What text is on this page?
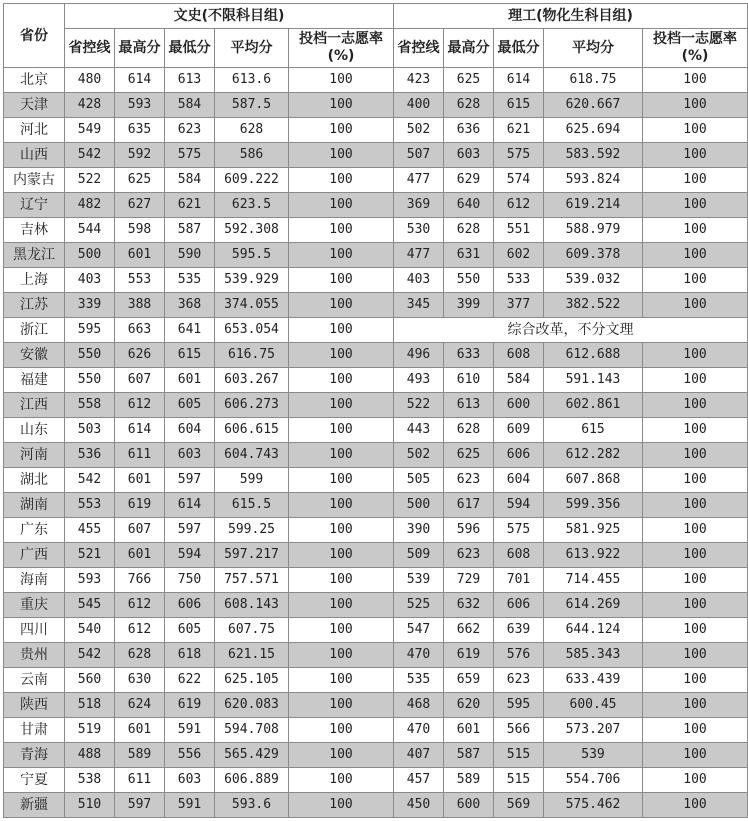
省份	文史(不限科目组)					理工(物化生科目组)				
	省控线	最高分	最低分	平均分	投档一志愿率(%)	省控线	最高分	最低分	平均分	投档一志愿率(%)
北京	480	614	613	613.6	100	423	625	614	618.75	100
天津	428	593	584	587.5	100	400	628	615	620.667	100
河北	549	635	623	628	100	502	636	621	625.694	100
山西	542	592	575	586	100	507	603	575	583.592	100
内蒙古	522	625	584	609.222	100	477	629	574	593.824	100
辽宁	482	627	621	623.5	100	369	640	612	619.214	100
吉林	544	598	587	592.308	100	530	628	551	588.979	100
黑龙江	500	601	590	595.5	100	477	631	602	609.378	100
上海	403	553	535	539.929	100	403	550	533	539.032	100
江苏	339	388	368	374.055	100	345	399	377	382.522	100
浙江	595	663	641	653.054	100	综合改革，不分文理				
安徽	550	626	615	616.75	100	496	633	608	612.688	100
福建	550	607	601	603.267	100	493	610	584	591.143	100
江西	558	612	605	606.273	100	522	613	600	602.861	100
山东	503	614	604	606.615	100	443	628	609	615	100
河南	536	611	603	604.743	100	502	625	606	612.282	100
湖北	542	601	597	599	100	505	623	604	607.868	100
湖南	553	619	614	615.5	100	500	617	594	599.356	100
广东	455	607	597	599.25	100	390	596	575	581.925	100
广西	521	601	594	597.217	100	509	623	608	613.922	100
海南	593	766	750	757.571	100	539	729	701	714.455	100
重庆	545	612	606	608.143	100	525	632	606	614.269	100
四川	540	612	605	607.75	100	547	662	639	644.124	100
贵州	542	628	618	621.15	100	470	619	576	585.343	100
云南	560	630	622	625.105	100	535	659	623	633.439	100
陕西	518	624	619	620.083	100	468	620	595	600.45	100
甘肃	519	601	591	594.708	100	470	601	566	573.207	100
青海	488	589	556	565.429	100	407	587	515	539	100
宁夏	538	611	603	606.889	100	457	589	515	554.706	100
新疆	510	597	591	593.6	100	450	600	569	575.462	100
